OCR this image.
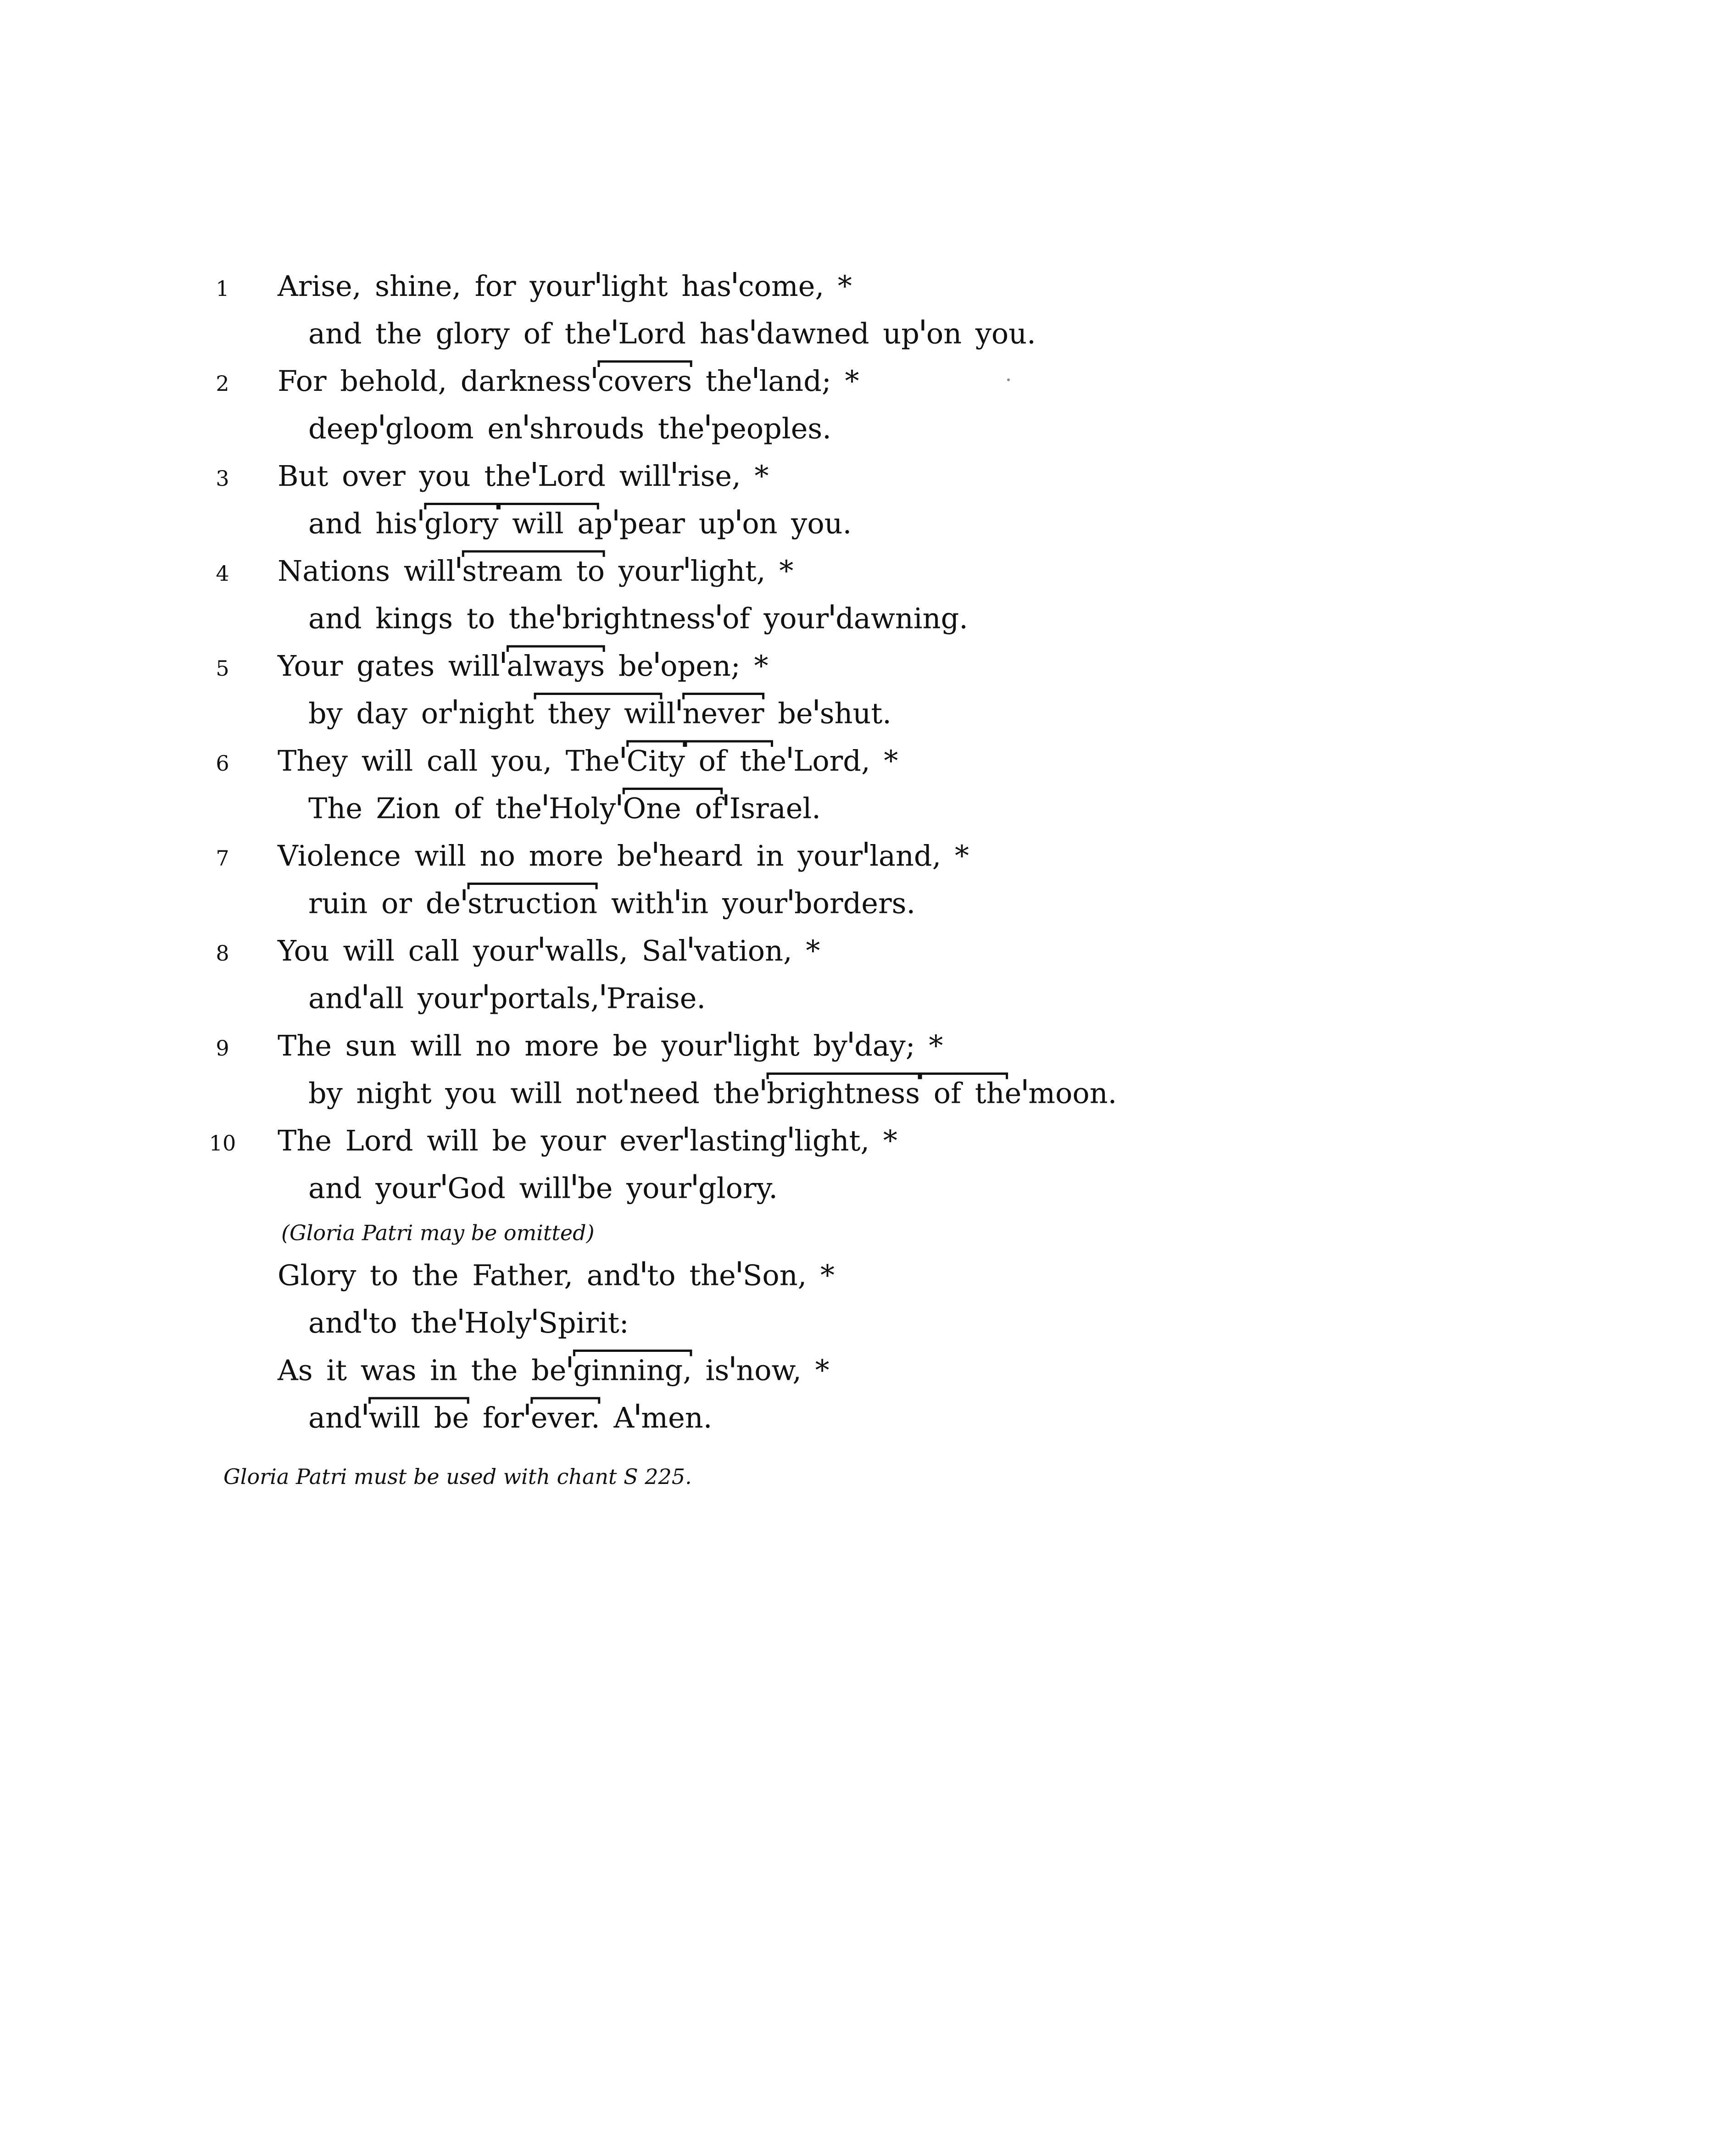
1 Arise, shine, for your light has come, *
and the glory of the Lord has dawned up on you.
2 For behold, darkness covers the land; *
deep gloom en shrouds the peoples.
3 But over you the Lord will rise, *
and his glory will ap pear up on you.
4 Nations will stream to your light, *
and kings to the brightness of your dawning.
5 Your gates will always be open; *
by day or night they will never be shut.
6 They will call you, The City of the Lord, *
The Zion of the Holy One of Israel.
7 Violence will no more be heard in your land, *
ruin or de struction with in your borders.
8 You will call your walls, Sal vation, *
and all your portals, Praise.
9 The sun will no more be your light by day; *
by night you will not need the brightness of the moon.
10 The Lord will be your ever lasting light, *
and your God will be your glory.
(Gloria Patri may be omitted)
Glory to the Father, and to the Son, *
and to the Holy Spirit:
As it was in the be ginning, is now, *
and will be for ever. A men.
Gloria Patri must be used with chant S 225.
